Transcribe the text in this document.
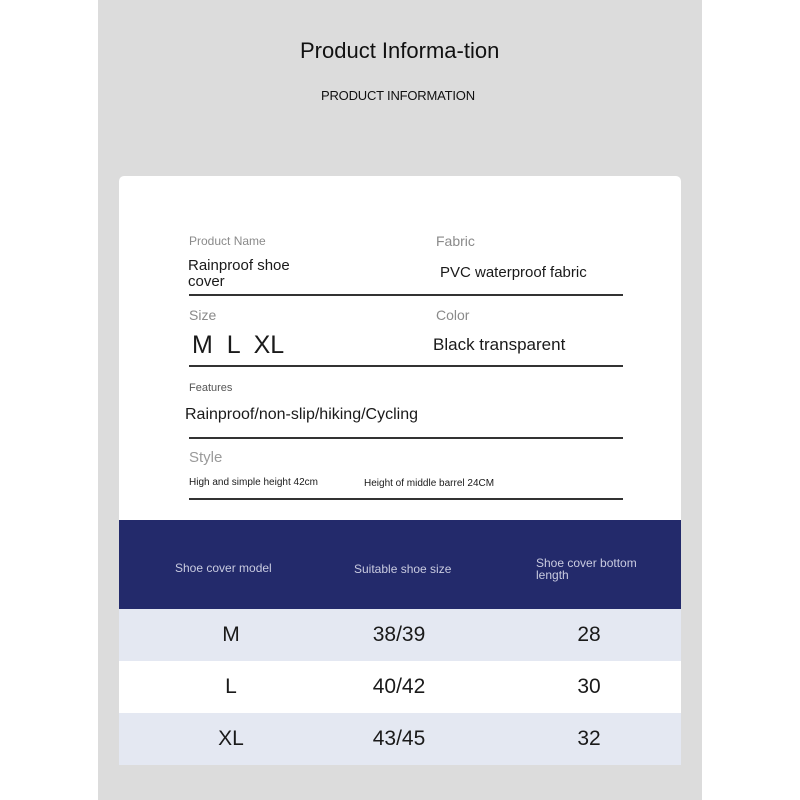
Product Informa-tion
PRODUCT INFORMATION
Product Name
Rainproof shoe cover
Fabric
PVC waterproof fabric
Size
M  L  XL
Color
Black transparent
Features
Rainproof/non-slip/hiking/Cycling
Style
High and simple height 42cm	Height of middle barrel 24CM
Shoe cover model	Suitable shoe size	Shoe cover bottom length
M	38/39	28
L	40/42	30
XL	43/45	32
